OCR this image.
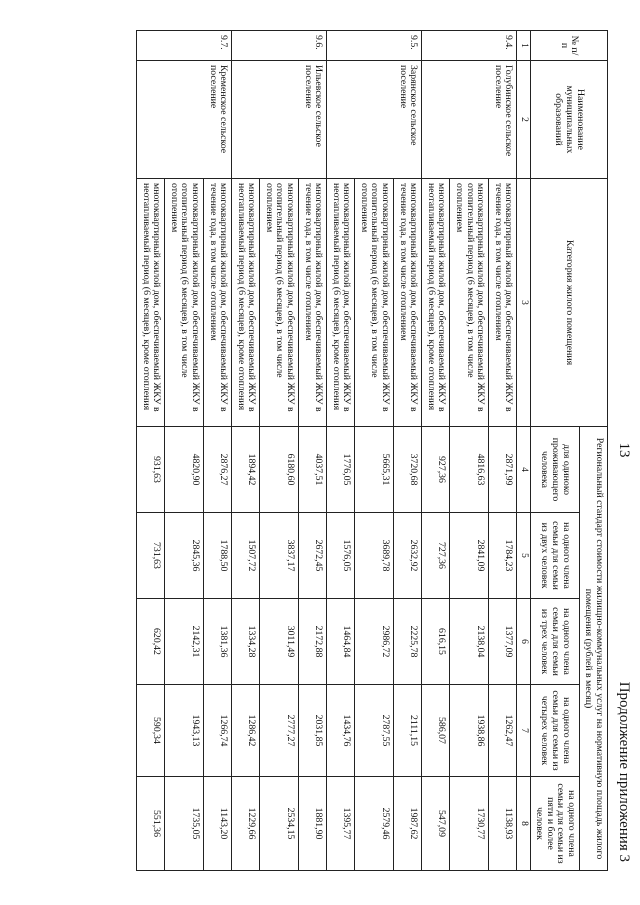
13
Продолжение приложения 3
№ п/п	Наименование муниципальных образований	Категория жилого помещения	Региональный стандарт стоимости жилищно-коммунальных услуг на нормативную площадь жилого помещения (рублей в месяц)				
			для одиноко проживающего человека	на одного члена семьи для семьи из двух человек	на одного члена семьи для семьи из трех человек	на одного члена семьи для семьи из четырех человек	на одного члена семьи для семьи из пяти и более человек
1	2	3	4	5	6	7	8
9.4.	Голубинское сельское поселение	многоквартирный жилой дом, обеспечиваемый ЖКУ в течение года, в том числе отоплением	2871,99	1784,23	1377,09	1262,47	1138,93
		многоквартирный жилой дом, обеспечиваемый ЖКУ в отопительный период (6 месяцев), в том числе отоплением	4816,63	2841,09	2138,04	1938,86	1730,77
		многоквартирный жилой дом, обеспечиваемый ЖКУ в неотапливаемый период (6 месяцев), кроме отопления	927,36	727,36	616,15	586,07	547,09
9.5.	Зарянское сельское поселение	многоквартирный жилой дом, обеспечиваемый ЖКУ в течение года, в том числе отоплением	3720,68	2632,92	2225,78	2111,15	1987,62
		многоквартирный жилой дом, обеспечиваемый ЖКУ в отопительный период (6 месяцев), в том числе отоплением	5665,31	3689,78	2986,72	2787,55	2579,46
		многоквартирный жилой дом, обеспечиваемый ЖКУ в неотапливаемый период (6 месяцев), кроме отопления	1776,05	1576,05	1464,84	1434,76	1395,77
9.6.	Ильевское сельское поселение	многоквартирный жилой дом, обеспечиваемый ЖКУ в течение года, в том числе отоплением	4037,51	2672,45	2172,88	2031,85	1881,90
		многоквартирный жилой дом, обеспечиваемый ЖКУ в отопительный период (6 месяцев), в том числе отоплением	6180,60	3837,17	3011,49	2777,27	2534,15
		многоквартирный жилой дом, обеспечиваемый ЖКУ в неотапливаемый период (6 месяцев), кроме отопления	1894,42	1507,72	1334,28	1286,42	1229,66
9.7.	Кременское сельское поселение	многоквартирный жилой дом, обеспечиваемый ЖКУ в течение года, в том числе отоплением	2876,27	1788,50	1381,36	1266,74	1143,20
		многоквартирный жилой дом, обеспечиваемый ЖКУ в отопительный период (6 месяцев), в том числе отоплением	4820,90	2845,36	2142,31	1943,13	1735,05
		многоквартирный жилой дом, обеспечиваемый ЖКУ в неотапливаемый период (6 месяцев), кроме отопления	931,63	731,63	620,42	590,34	551,36
